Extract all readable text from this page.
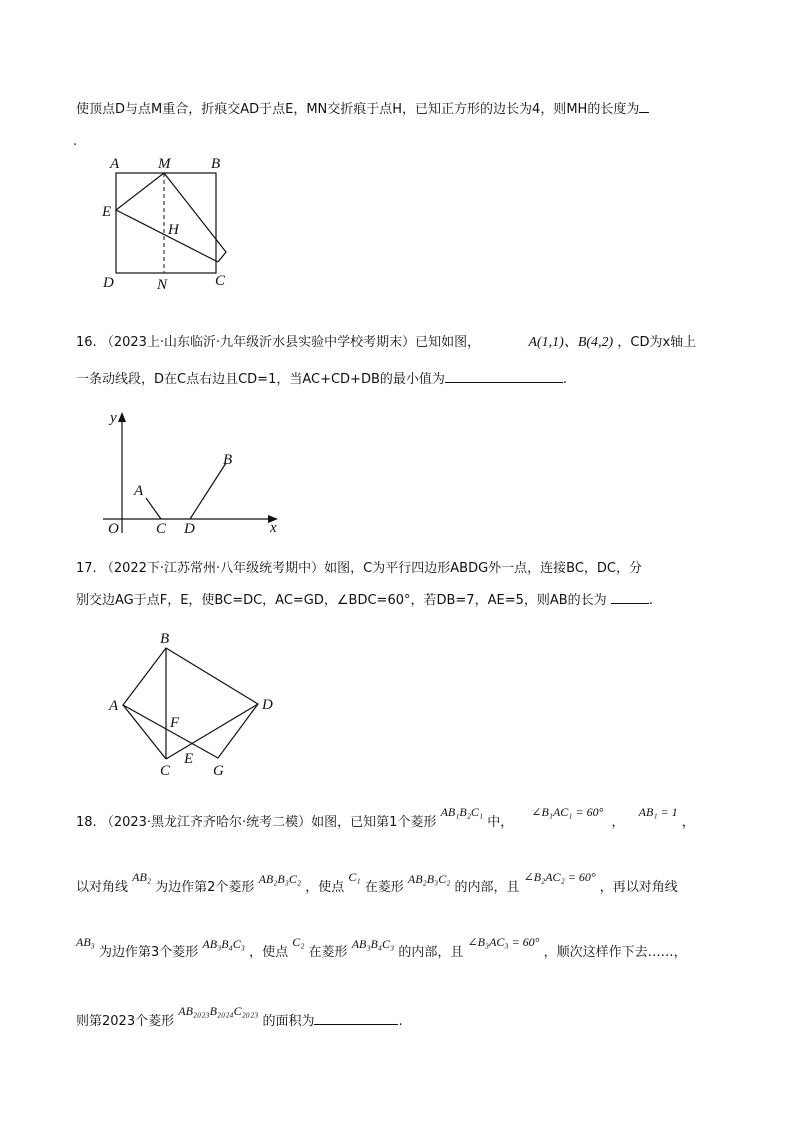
使顶点D与点M重合，折痕交AD于点E，MN交折痕于点H，已知正方形的边长为4，则MH的长度为
.
A	M	B
E
H
D	N	C
16. （2023上·山东临沂·九年级沂水县实验中学校考期末）已知如图，	A(1,1)、B(4,2) ，CD为x轴上
一条动线段，D在C点右边且CD=1，当AC+CD+DB的最小值为	.
y
B
A
O C D	x
17. （2022下·江苏常州·八年级统考期中）如图，C为平行四边形ABDG外一点，连接BC，DC，分
别交边AG于点F，E，使BC=DC，AC=GD，∠BDC=60°，若DB=7，AE=5，则AB的长为	.
B
A	D
F
E
C	G
18. （2023·黑龙江齐齐哈尔·统考二模）如图，已知第1个菱形 AB₁B₂C₁ 中， ∠B₁AC₁ = 60° ， AB₁ = 1 ，
以对角线 AB₂ 为边作第2个菱形 AB₂B₃C₂ ，使点 C₁ 在菱形 AB₂B₃C₂ 的内部，且 ∠B₂AC₂ = 60° ，再以对角线
AB₃ 为边作第3个菱形 AB₃B₄C₃ ，使点 C₂ 在菱形 AB₃B₄C₃ 的内部，且 ∠B₃AC₃ = 60° ，顺次这样作下去……，
则第2023个菱形 AB₂₀₂₃B₂₀₂₄C₂₀₂₃ 的面积为	.
